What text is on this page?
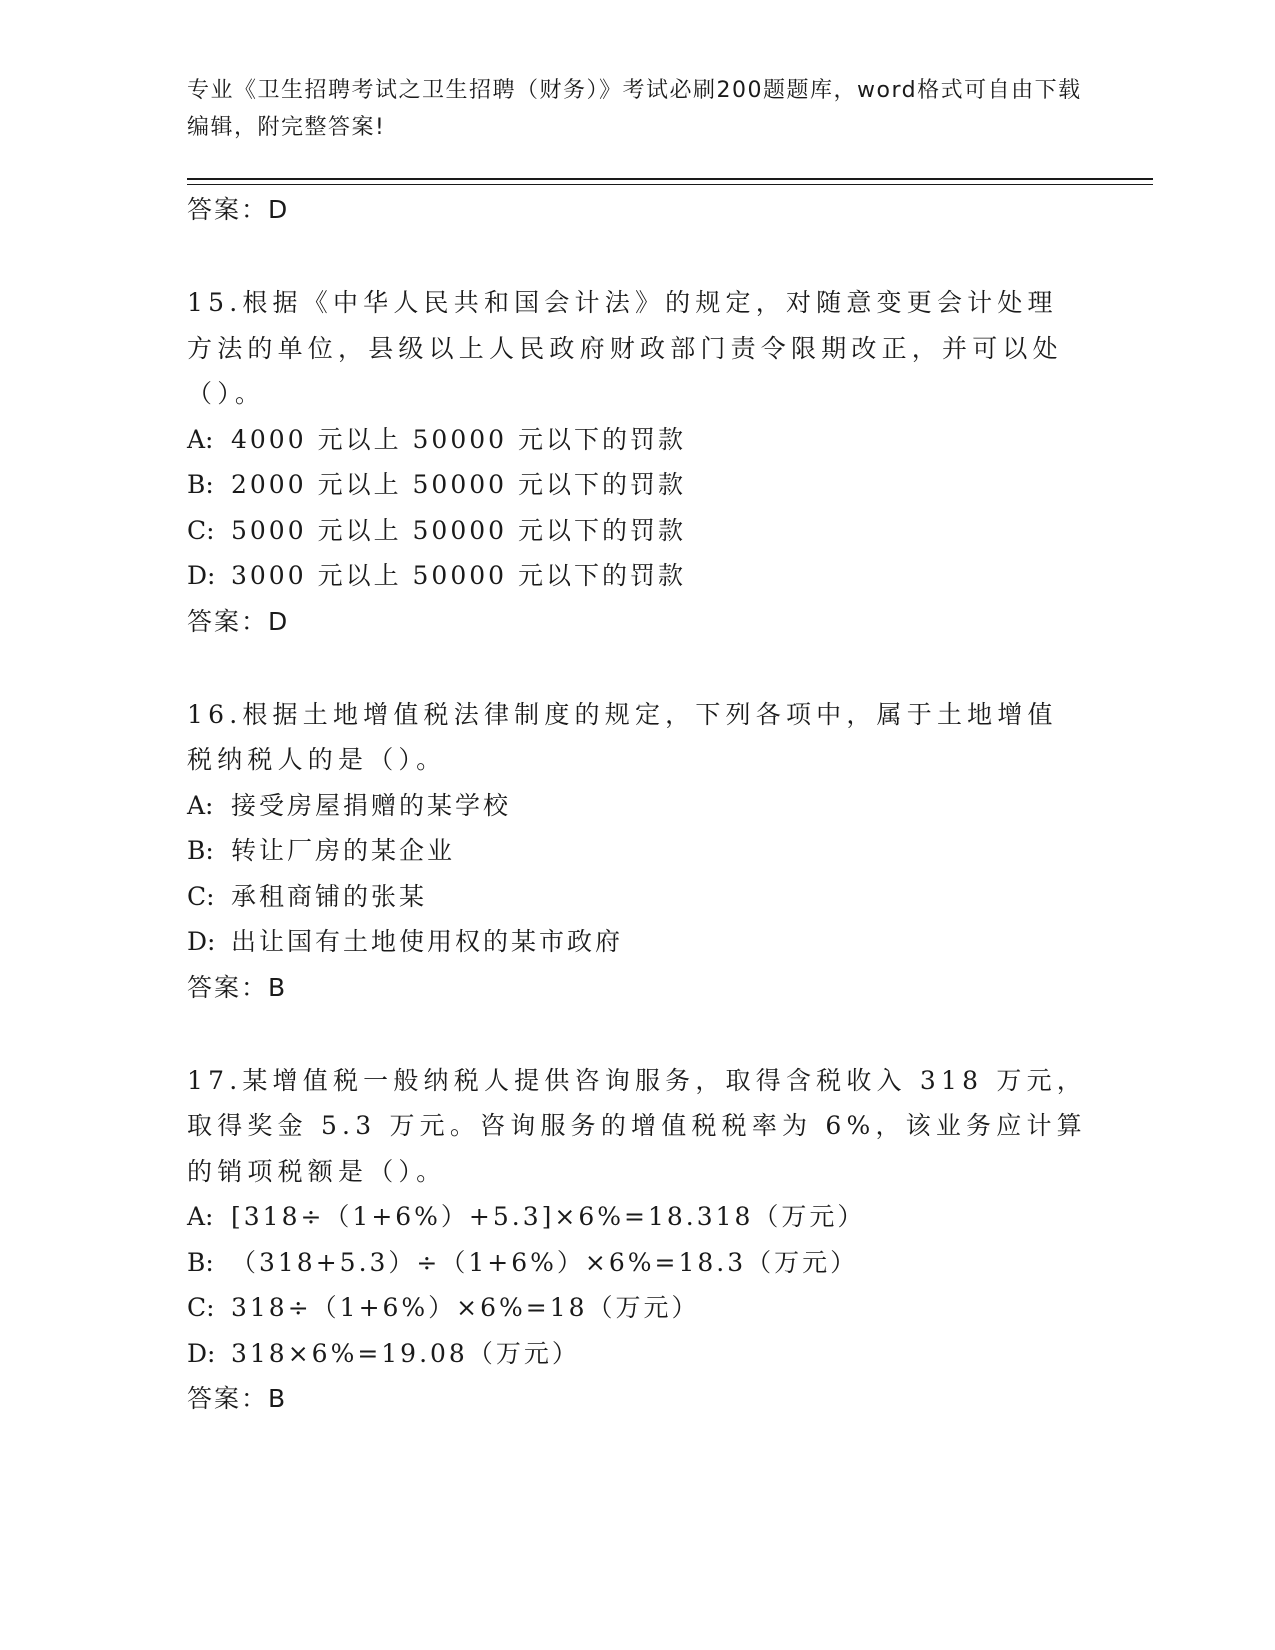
专业《卫生招聘考试之卫生招聘（财务）》考试必刷200题题库，word格式可自由下载编辑，附完整答案!
答案：D
15.根据《中华人民共和国会计法》的规定，对随意变更会计处理方法的单位，县级以上人民政府财政部门责令限期改正，并可以处（）。
A: 4000 元以上 50000 元以下的罚款
B: 2000 元以上 50000 元以下的罚款
C: 5000 元以上 50000 元以下的罚款
D: 3000 元以上 50000 元以下的罚款
答案：D
16.根据土地增值税法律制度的规定，下列各项中，属于土地增值税纳税人的是（）。
A: 接受房屋捐赠的某学校
B: 转让厂房的某企业
C: 承租商铺的张某
D: 出让国有土地使用权的某市政府
答案：B
17.某增值税一般纳税人提供咨询服务，取得含税收入 318 万元，取得奖金 5.3 万元。咨询服务的增值税税率为 6%，该业务应计算的销项税额是（）。
A: [318÷（1+6%）+5.3]×6%=18.318（万元）
B: （318+5.3）÷（1+6%）×6%=18.3（万元）
C: 318÷（1+6%）×6%=18（万元）
D: 318×6%=19.08（万元）
答案：B
